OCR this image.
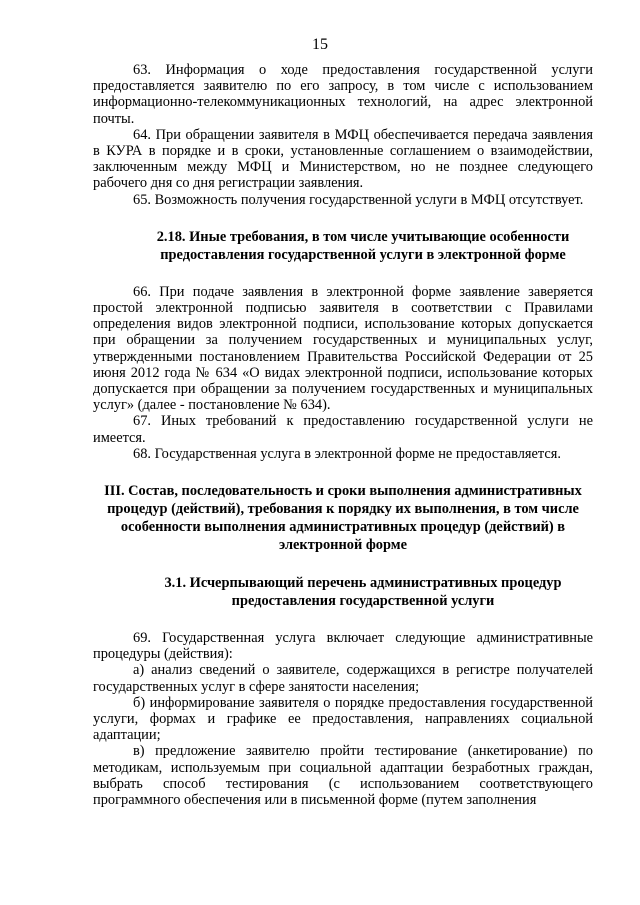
15

63. Информация о ходе предоставления государственной услуги предоставляется заявителю по его запросу, в том числе с использованием информационно-телекоммуникационных технологий, на адрес электронной почты.

64. При обращении заявителя в МФЦ обеспечивается передача заявления в КУРА в порядке и в сроки, установленные соглашением о взаимодействии, заключенным между МФЦ и Министерством, но не позднее следующего рабочего дня со дня регистрации заявления.

65. Возможность получения государственной услуги в МФЦ отсутствует.

2.18. Иные требования, в том числе учитывающие особенности предоставления государственной услуги в электронной форме

66. При подаче заявления в электронной форме заявление заверяется простой электронной подписью заявителя в соответствии с Правилами определения видов электронной подписи, использование которых допускается при обращении за получением государственных и муниципальных услуг, утвержденными постановлением Правительства Российской Федерации от 25 июня 2012 года № 634 «О видах электронной подписи, использование которых допускается при обращении за получением государственных и муниципальных услуг» (далее - постановление № 634).

67. Иных требований к предоставлению государственной услуги не имеется.

68. Государственная услуга в электронной форме не предоставляется.

III. Состав, последовательность и сроки выполнения административных процедур (действий), требования к порядку их выполнения, в том числе особенности выполнения административных процедур (действий) в электронной форме

3.1. Исчерпывающий перечень административных процедур предоставления государственной услуги

69. Государственная услуга включает следующие административные процедуры (действия):

а) анализ сведений о заявителе, содержащихся в регистре получателей государственных услуг в сфере занятости населения;

б) информирование заявителя о порядке предоставления государственной услуги, формах и графике ее предоставления, направлениях социальной адаптации;

в) предложение заявителю пройти тестирование (анкетирование) по методикам, используемым при социальной адаптации безработных граждан, выбрать способ тестирования (с использованием соответствующего программного обеспечения или в письменной форме (путем заполнения
